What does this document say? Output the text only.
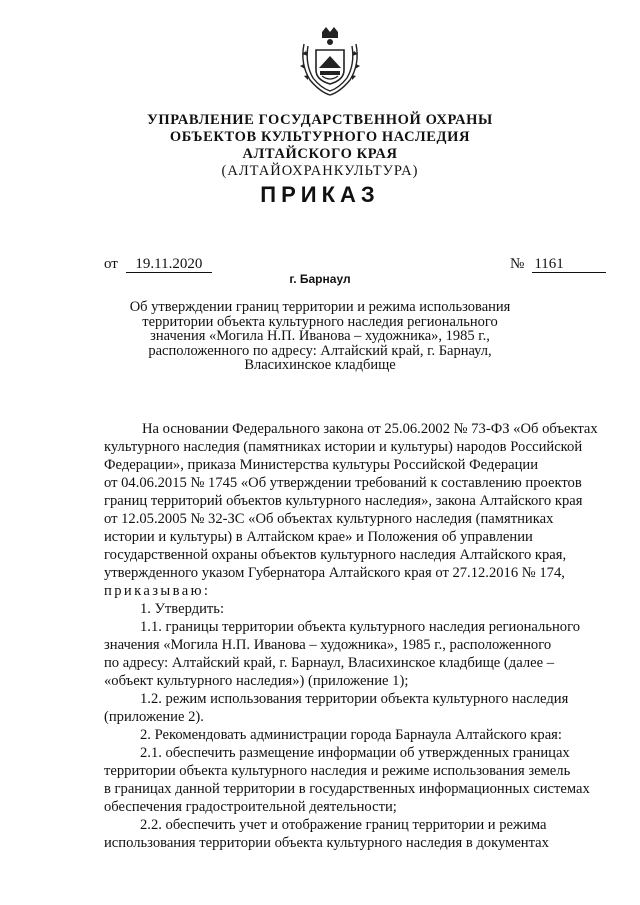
УПРАВЛЕНИЕ ГОСУДАРСТВЕННОЙ ОХРАНЫ
ОБЪЕКТОВ КУЛЬТУРНОГО НАСЛЕДИЯ
АЛТАЙСКОГО КРАЯ
(АЛТАЙОХРАНКУЛЬТУРА)
ПРИКАЗ
от 19.11.2020	№ 1161
г. Барнаул
Об утверждении границ территории и режима использования
территории объекта культурного наследия регионального
значения «Могила Н.П. Иванова – художника», 1985 г.,
расположенного по адресу: Алтайский край, г. Барнаул,
Власихинское кладбище

На основании Федерального закона от 25.06.2002 № 73-ФЗ «Об объектах

культурного наследия (памятниках истории и культуры) народов Российской

Федерации», приказа Министерства культуры Российской Федерации

от 04.06.2015 № 1745 «Об утверждении требований к составлению проектов

границ территорий объектов культурного наследия», закона Алтайского края

от 12.05.2005 № 32-ЗС «Об объектах культурного наследия (памятниках

истории и культуры) в Алтайском крае» и Положения об управлении

государственной охраны объектов культурного наследия Алтайского края,

утвержденного указом Губернатора Алтайского края от 27.12.2016 № 174,

приказываю:

1. Утвердить:

1.1. границы территории объекта культурного наследия регионального

значения «Могила Н.П. Иванова – художника», 1985 г., расположенного

по адресу: Алтайский край, г. Барнаул, Власихинское кладбище (далее –

«объект культурного наследия») (приложение 1);

1.2. режим использования территории объекта культурного наследия

(приложение 2).

2. Рекомендовать администрации города Барнаула Алтайского края:

2.1. обеспечить размещение информации об утвержденных границах

территории объекта культурного наследия и режиме использования земель

в границах данной территории в государственных информационных системах

обеспечения градостроительной деятельности;

2.2. обеспечить учет и отображение границ территории и режима

использования территории объекта культурного наследия в документах
